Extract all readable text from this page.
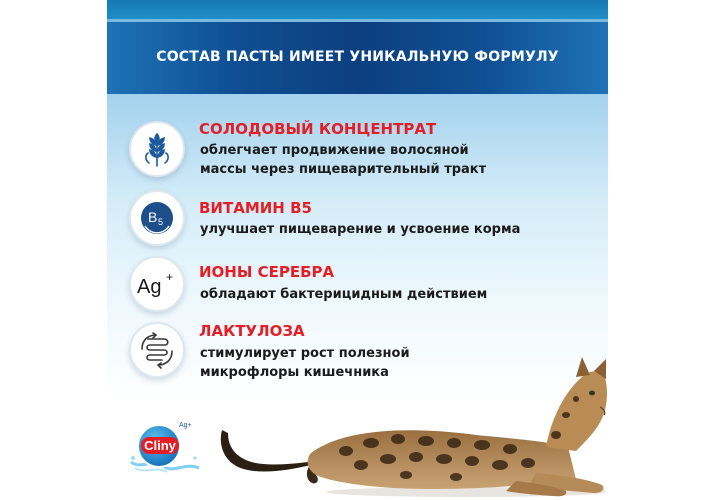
СОСТАВ ПАСТЫ ИМЕЕТ УНИКАЛЬНУЮ ФОРМУЛУ
СОЛОДОВЫЙ КОНЦЕНТРАТ
облегчает продвижение волосяной
массы через пищеварительный тракт
B 5
ВИТАМИН В5
улучшает пищеварение и усвоение корма
Ag + ИОНЫ СЕРЕБРА
обладают бактерицидным действием
ЛАКТУЛОЗА
стимулирует рост полезной
микрофлоры кишечника
Cliny
Ag+
